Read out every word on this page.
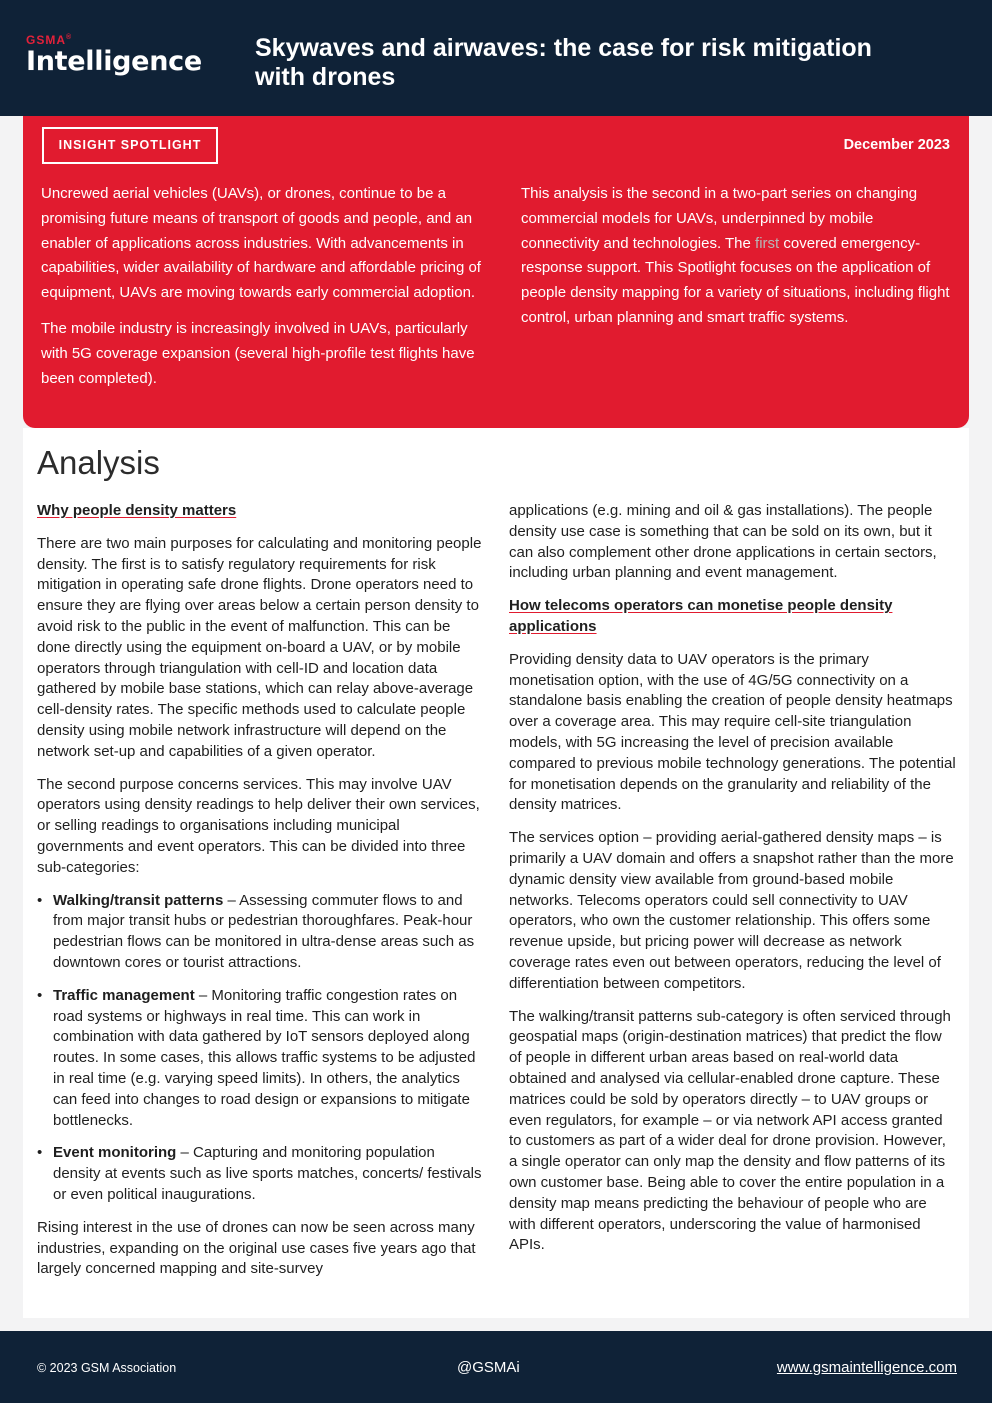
GSMA®
Intelligence Skywaves and airwaves: the case for risk mitigation
with drones
INSIGHT SPOTLIGHT	December 2023

Uncrewed aerial vehicles (UAVs), or drones, continue to be a promising future means of transport of goods and people, and an enabler of applications across industries. With advancements in capabilities, wider availability of hardware and affordable pricing of equipment, UAVs are moving towards early commercial adoption.

The mobile industry is increasingly involved in UAVs, particularly with 5G coverage expansion (several high-profile test flights have been completed).

This analysis is the second in a two-part series on changing commercial models for UAVs, underpinned by mobile connectivity and technologies. The first covered emergency-response support. This Spotlight focuses on the application of people density mapping for a variety of situations, including flight control, urban planning and smart traffic systems.

Analysis
Why people density matters

There are two main purposes for calculating and monitoring people density. The first is to satisfy regulatory requirements for risk mitigation in operating safe drone flights. Drone operators need to ensure they are flying over areas below a certain person density to avoid risk to the public in the event of malfunction. This can be done directly using the equipment on-board a UAV, or by mobile operators through triangulation with cell-ID and location data gathered by mobile base stations, which can relay above-average cell-density rates. The specific methods used to calculate people density using mobile network infrastructure will depend on the network set-up and capabilities of a given operator.

The second purpose concerns services. This may involve UAV operators using density readings to help deliver their own services, or selling readings to organisations including municipal governments and event operators. This can be divided into three sub-categories:

• Walking/transit patterns – Assessing commuter flows to and from major transit hubs or pedestrian thoroughfares. Peak-hour pedestrian flows can be monitored in ultra-dense areas such as downtown cores or tourist attractions.
• Traffic management – Monitoring traffic congestion rates on road systems or highways in real time. This can work in combination with data gathered by IoT sensors deployed along routes. In some cases, this allows traffic systems to be adjusted in real time (e.g. varying speed limits). In others, the analytics can feed into changes to road design or expansions to mitigate bottlenecks.
• Event monitoring – Capturing and monitoring population density at events such as live sports matches, concerts/ festivals or even political inaugurations.

Rising interest in the use of drones can now be seen across many industries, expanding on the original use cases five years ago that largely concerned mapping and site-survey

applications (e.g. mining and oil & gas installations). The people density use case is something that can be sold on its own, but it can also complement other drone applications in certain sectors, including urban planning and event management.

How telecoms operators can monetise people density applications

Providing density data to UAV operators is the primary monetisation option, with the use of 4G/5G connectivity on a standalone basis enabling the creation of people density heatmaps over a coverage area. This may require cell-site triangulation models, with 5G increasing the level of precision available compared to previous mobile technology generations. The potential for monetisation depends on the granularity and reliability of the density matrices.

The services option – providing aerial-gathered density maps – is primarily a UAV domain and offers a snapshot rather than the more dynamic density view available from ground-based mobile networks. Telecoms operators could sell connectivity to UAV operators, who own the customer relationship. This offers some revenue upside, but pricing power will decrease as network coverage rates even out between operators, reducing the level of differentiation between competitors.

The walking/transit patterns sub-category is often serviced through geospatial maps (origin-destination matrices) that predict the flow of people in different urban areas based on real-world data obtained and analysed via cellular-enabled drone capture. These matrices could be sold by operators directly – to UAV groups or even regulators, for example – or via network API access granted to customers as part of a wider deal for drone provision. However, a single operator can only map the density and flow patterns of its own customer base. Being able to cover the entire population in a density map means predicting the behaviour of people who are with different operators, underscoring the value of harmonised APIs.

© 2023 GSM Association	@GSMAi	www.gsmaintelligence.com
